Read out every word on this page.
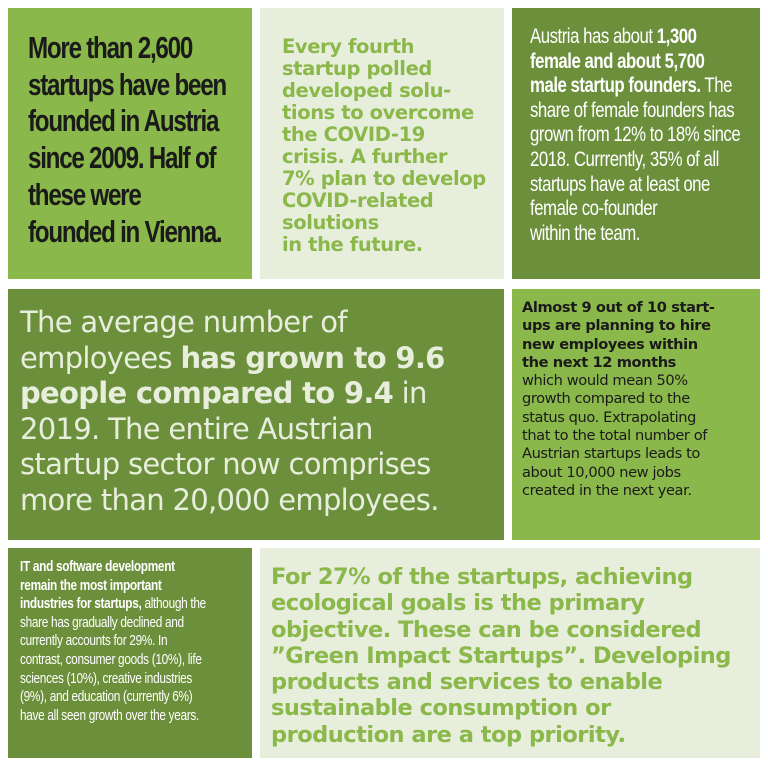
More than 2,600
startups have been
founded in Austria
since 2009. Half of
these were
founded in Vienna.
Every fourth
startup polled
developed solu-
tions to overcome
the COVID-19
crisis. A further
7% plan to develop
COVID-related
solutions
in the future.
Austria has about 1,300
female and about 5,700
male startup founders. The
share of female founders has
grown from 12% to 18% since
2018. Currrently, 35% of all
startups have at least one
female co-founder
within the team.
The average number of
employees has grown to 9.6
people compared to 9.4 in
2019. The entire Austrian
startup sector now comprises
more than 20,000 employees.
Almost 9 out of 10 start-
ups are planning to hire
new employees within
the next 12 months
which would mean 50%
growth compared to the
status quo. Extrapolating
that to the total number of
Austrian startups leads to
about 10,000 new jobs
created in the next year.
IT and software development
remain the most important
industries for startups, although the
share has gradually declined and
currently accounts for 29%. In
contrast, consumer goods (10%), life
sciences (10%), creative industries
(9%), and education (currently 6%)
have all seen growth over the years.
For 27% of the startups, achieving
ecological goals is the primary
objective. These can be considered
”Green Impact Startups”. Developing
products and services to enable
sustainable consumption or
production are a top priority.
